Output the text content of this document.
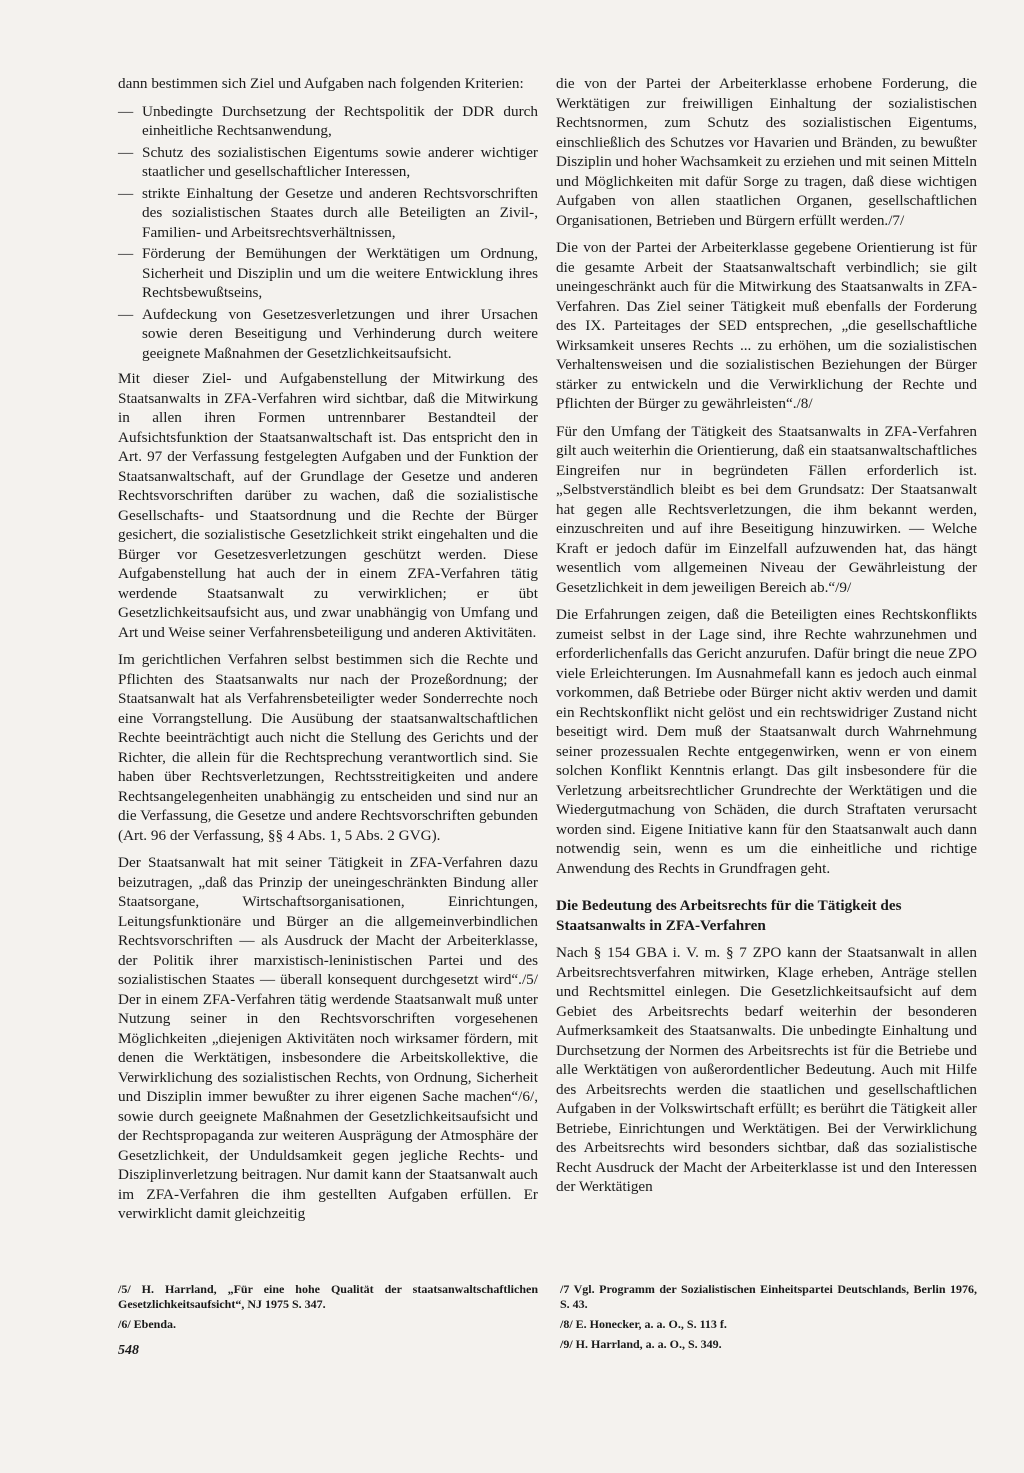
dann bestimmen sich Ziel und Aufgaben nach folgenden Kriterien:

— Unbedingte Durchsetzung der Rechtspolitik der DDR durch einheitliche Rechtsanwendung,
— Schutz des sozialistischen Eigentums sowie anderer wichtiger staatlicher und gesellschaftlicher Interessen,
— strikte Einhaltung der Gesetze und anderen Rechtsvorschriften des sozialistischen Staates durch alle Beteiligten an Zivil-, Familien- und Arbeitsrechtsverhältnissen,
— Förderung der Bemühungen der Werktätigen um Ordnung, Sicherheit und Disziplin und um die weitere Entwicklung ihres Rechtsbewußtseins,
— Aufdeckung von Gesetzesverletzungen und ihrer Ursachen sowie deren Beseitigung und Verhinderung durch weitere geeignete Maßnahmen der Gesetzlichkeitsaufsicht.

Mit dieser Ziel- und Aufgabenstellung der Mitwirkung des Staatsanwalts in ZFA-Verfahren wird sichtbar, daß die Mitwirkung in allen ihren Formen untrennbarer Bestandteil der Aufsichtsfunktion der Staatsanwaltschaft ist. Das entspricht den in Art. 97 der Verfassung festgelegten Aufgaben und der Funktion der Staatsanwaltschaft, auf der Grundlage der Gesetze und anderen Rechtsvorschriften darüber zu wachen, daß die sozialistische Gesellschafts- und Staatsordnung und die Rechte der Bürger gesichert, die sozialistische Gesetzlichkeit strikt eingehalten und die Bürger vor Gesetzesverletzungen geschützt werden. Diese Aufgabenstellung hat auch der in einem ZFA-Verfahren tätig werdende Staatsanwalt zu verwirklichen; er übt Gesetzlichkeitsaufsicht aus, und zwar unabhängig von Umfang und Art und Weise seiner Verfahrensbeteiligung und anderen Aktivitäten.

Im gerichtlichen Verfahren selbst bestimmen sich die Rechte und Pflichten des Staatsanwalts nur nach der Prozeßordnung; der Staatsanwalt hat als Verfahrensbeteiligter weder Sonderrechte noch eine Vorrangstellung. Die Ausübung der staatsanwaltschaftlichen Rechte beeinträchtigt auch nicht die Stellung des Gerichts und der Richter, die allein für die Rechtsprechung verantwortlich sind. Sie haben über Rechtsverletzungen, Rechtsstreitigkeiten und andere Rechtsangelegenheiten unabhängig zu entscheiden und sind nur an die Verfassung, die Gesetze und andere Rechtsvorschriften gebunden (Art. 96 der Verfassung, §§ 4 Abs. 1, 5 Abs. 2 GVG).

Der Staatsanwalt hat mit seiner Tätigkeit in ZFA-Verfahren dazu beizutragen, „daß das Prinzip der uneingeschränkten Bindung aller Staatsorgane, Wirtschaftsorganisationen, Einrichtungen, Leitungsfunktionäre und Bürger an die allgemeinverbindlichen Rechtsvorschriften — als Ausdruck der Macht der Arbeiterklasse, der Politik ihrer marxistisch-leninistischen Partei und des sozialistischen Staates — überall konsequent durchgesetzt wird“./5/ Der in einem ZFA-Verfahren tätig werdende Staatsanwalt muß unter Nutzung seiner in den Rechtsvorschriften vorgesehenen Möglichkeiten „diejenigen Aktivitäten noch wirksamer fördern, mit denen die Werktätigen, insbesondere die Arbeitskollektive, die Verwirklichung des sozialistischen Rechts, von Ordnung, Sicherheit und Disziplin immer bewußter zu ihrer eigenen Sache machen“/6/, sowie durch geeignete Maßnahmen der Gesetzlichkeitsaufsicht und der Rechtspropaganda zur weiteren Ausprägung der Atmosphäre der Gesetzlichkeit, der Unduldsamkeit gegen jegliche Rechts- und Disziplinverletzung beitragen. Nur damit kann der Staatsanwalt auch im ZFA-Verfahren die ihm gestellten Aufgaben erfüllen. Er verwirklicht damit gleichzeitig

die von der Partei der Arbeiterklasse erhobene Forderung, die Werktätigen zur freiwilligen Einhaltung der sozialistischen Rechtsnormen, zum Schutz des sozialistischen Eigentums, einschließlich des Schutzes vor Havarien und Bränden, zu bewußter Disziplin und hoher Wachsamkeit zu erziehen und mit seinen Mitteln und Möglichkeiten mit dafür Sorge zu tragen, daß diese wichtigen Aufgaben von allen staatlichen Organen, gesellschaftlichen Organisationen, Betrieben und Bürgern erfüllt werden./7/

Die von der Partei der Arbeiterklasse gegebene Orientierung ist für die gesamte Arbeit der Staatsanwaltschaft verbindlich; sie gilt uneingeschränkt auch für die Mitwirkung des Staatsanwalts in ZFA-Verfahren. Das Ziel seiner Tätigkeit muß ebenfalls der Forderung des IX. Parteitages der SED entsprechen, „die gesellschaftliche Wirksamkeit unseres Rechts ... zu erhöhen, um die sozialistischen Verhaltensweisen und die sozialistischen Beziehungen der Bürger stärker zu entwickeln und die Verwirklichung der Rechte und Pflichten der Bürger zu gewährleisten“./8/

Für den Umfang der Tätigkeit des Staatsanwalts in ZFA-Verfahren gilt auch weiterhin die Orientierung, daß ein staatsanwaltschaftliches Eingreifen nur in begründeten Fällen erforderlich ist. „Selbstverständlich bleibt es bei dem Grundsatz: Der Staatsanwalt hat gegen alle Rechtsverletzungen, die ihm bekannt werden, einzuschreiten und auf ihre Beseitigung hinzuwirken. — Welche Kraft er jedoch dafür im Einzelfall aufzuwenden hat, das hängt wesentlich vom allgemeinen Niveau der Gewährleistung der Gesetzlichkeit in dem jeweiligen Bereich ab.“/9/

Die Erfahrungen zeigen, daß die Beteiligten eines Rechtskonflikts zumeist selbst in der Lage sind, ihre Rechte wahrzunehmen und erforderlichenfalls das Gericht anzurufen. Dafür bringt die neue ZPO viele Erleichterungen. Im Ausnahmefall kann es jedoch auch einmal vorkommen, daß Betriebe oder Bürger nicht aktiv werden und damit ein Rechtskonflikt nicht gelöst und ein rechtswidriger Zustand nicht beseitigt wird. Dem muß der Staatsanwalt durch Wahrnehmung seiner prozessualen Rechte entgegenwirken, wenn er von einem solchen Konflikt Kenntnis erlangt. Das gilt insbesondere für die Verletzung arbeitsrechtlicher Grundrechte der Werktätigen und die Wiedergutmachung von Schäden, die durch Straftaten verursacht worden sind. Eigene Initiative kann für den Staatsanwalt auch dann notwendig sein, wenn es um die einheitliche und richtige Anwendung des Rechts in Grundfragen geht.

Die Bedeutung des Arbeitsrechts für die Tätigkeit des Staatsanwalts in ZFA-Verfahren

Nach § 154 GBA i. V. m. § 7 ZPO kann der Staatsanwalt in allen Arbeitsrechtsverfahren mitwirken, Klage erheben, Anträge stellen und Rechtsmittel einlegen. Die Gesetzlichkeitsaufsicht auf dem Gebiet des Arbeitsrechts bedarf weiterhin der besonderen Aufmerksamkeit des Staatsanwalts. Die unbedingte Einhaltung und Durchsetzung der Normen des Arbeitsrechts ist für die Betriebe und alle Werktätigen von außerordentlicher Bedeutung. Auch mit Hilfe des Arbeitsrechts werden die staatlichen und gesellschaftlichen Aufgaben in der Volkswirtschaft erfüllt; es berührt die Tätigkeit aller Betriebe, Einrichtungen und Werktätigen. Bei der Verwirklichung des Arbeitsrechts wird besonders sichtbar, daß das sozialistische Recht Ausdruck der Macht der Arbeiterklasse ist und den Interessen der Werktätigen

/5/ H. Harrland, „Für eine hohe Qualität der staatsanwaltschaftlichen Gesetzlichkeitsaufsicht“, NJ 1975 S. 347.

/6/ Ebenda.

/7 Vgl. Programm der Sozialistischen Einheitspartei Deutschlands, Berlin 1976, S. 43.

/8/ E. Honecker, a. a. O., S. 113 f.

/9/ H. Harrland, a. a. O., S. 349.

548
